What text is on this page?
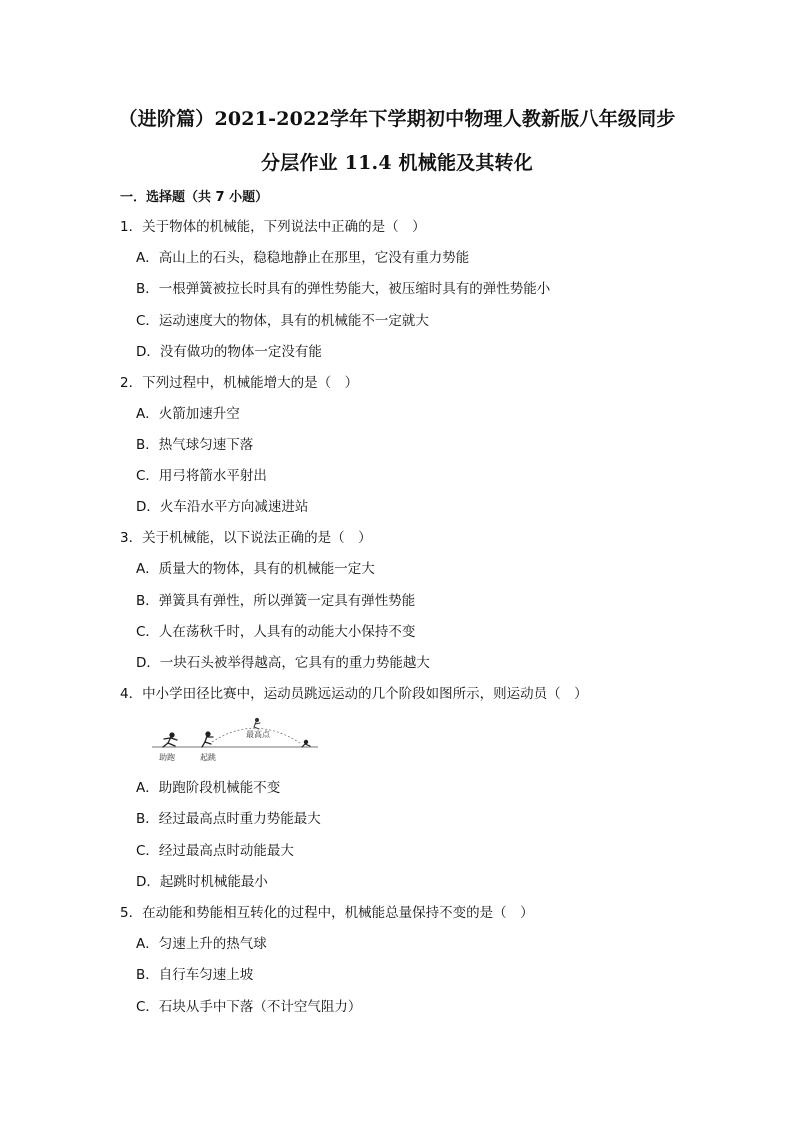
（进阶篇）2021-2022学年下学期初中物理人教新版八年级同步
分层作业 11.4 机械能及其转化
一．选择题（共 7 小题）
1．关于物体的机械能，下列说法中正确的是（　）
A．高山上的石头，稳稳地静止在那里，它没有重力势能
B．一根弹簧被拉长时具有的弹性势能大，被压缩时具有的弹性势能小
C．运动速度大的物体，具有的机械能不一定就大
D．没有做功的物体一定没有能
2．下列过程中，机械能增大的是（　）
A．火箭加速升空
B．热气球匀速下落
C．用弓将箭水平射出
D．火车沿水平方向减速进站
3．关于机械能，以下说法正确的是（　）
A．质量大的物体，具有的机械能一定大
B．弹簧具有弹性，所以弹簧一定具有弹性势能
C．人在荡秋千时，人具有的动能大小保持不变
D．一块石头被举得越高，它具有的重力势能越大
4．中小学田径比赛中，运动员跳远运动的几个阶段如图所示，则运动员（　）
助跑	起跳
最高点
A．助跑阶段机械能不变
B．经过最高点时重力势能最大
C．经过最高点时动能最大
D．起跳时机械能最小
5．在动能和势能相互转化的过程中，机械能总量保持不变的是（　）
A．匀速上升的热气球
B．自行车匀速上坡
C．石块从手中下落（不计空气阻力）
